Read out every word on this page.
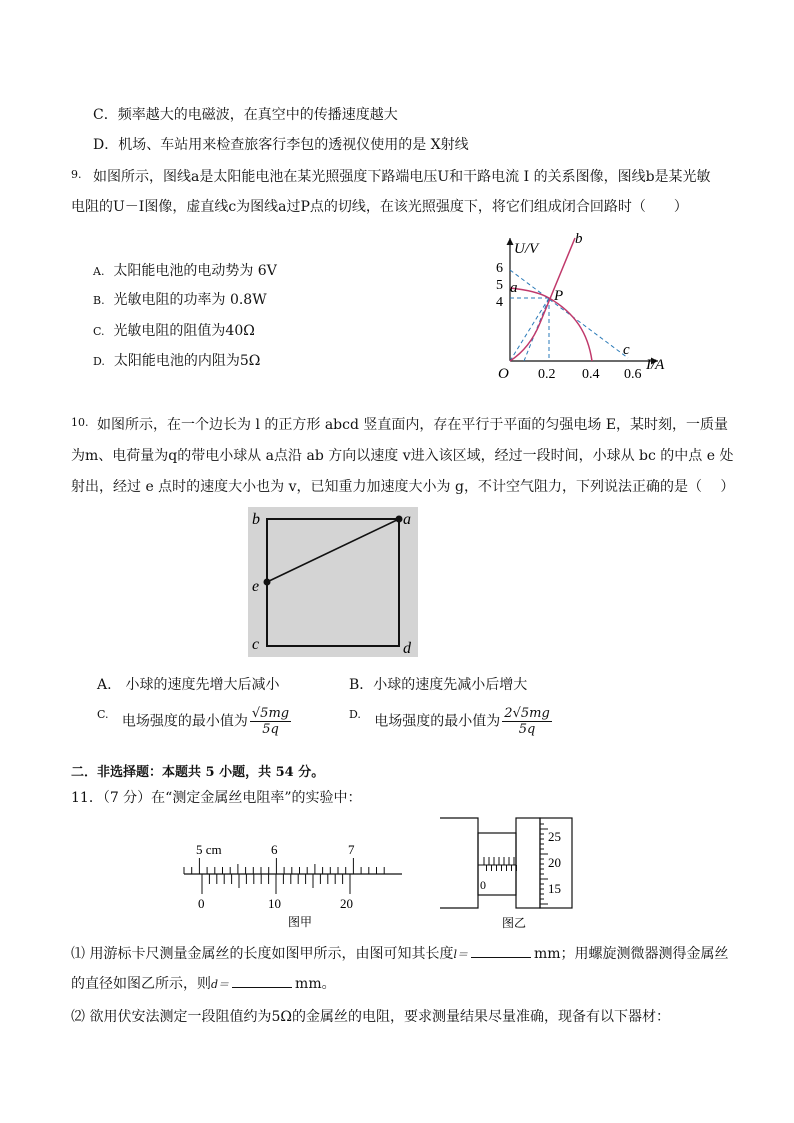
C．频率越大的电磁波，在真空中的传播速度越大
D．机场、车站用来检查旅客行李包的透视仪使用的是 X射线
9. 如图所示，图线a是太阳能电池在某光照强度下路端电压U和干路电流 I 的关系图像，图线b是某光敏
电阻的U－I图像，虚直线c为图线a过P点的切线，在该光照强度下，将它们组成闭合回路时（　　）
A. 太阳能电池的电动势为 6V
B. 光敏电阻的功率为 0.8W
C. 光敏电阻的阻值为40Ω
D. 太阳能电池的内阻为5Ω
U/V
I/A
6
5
4
O 0.2 0.4 0.6
a
b
c
P
10. 如图所示，在一个边长为 l 的正方形 abcd 竖直面内，存在平行于平面的匀强电场 E，某时刻，一质量
为m、电荷量为q的带电小球从 a点沿 ab 方向以速度 v进入该区域，经过一段时间，小球从 bc 的中点 e 处
射出，经过 e 点时的速度大小也为 v，已知重力加速度大小为 g，不计空气阻力，下列说法正确的是（　 ）
b	a
e
c	d
A.　小球的速度先增大后减小	B．小球的速度先减小后增大
$^{C.}$ 电场强度的最小值为 $\frac{√5mg}{5q}$	$^{D.}$ 电场强度的最小值为 $\frac{2√5mg}{5q}$
二．非选择题：本题共 5 小题，共 54 分。
11．（7 分）在“测定金属丝电阻率”的实验中：
5 cm	6	7
0	10	20
图甲
0
25
20
15
图乙
⑴ 用游标卡尺测量金属丝的长度如图甲所示，由图可知其长度l＝	mm；用螺旋测微器测得金属丝
的直径如图乙所示，则d＝	mm。
⑵ 欲用伏安法测定一段阻值约为5Ω的金属丝的电阻，要求测量结果尽量准确，现备有以下器材：
